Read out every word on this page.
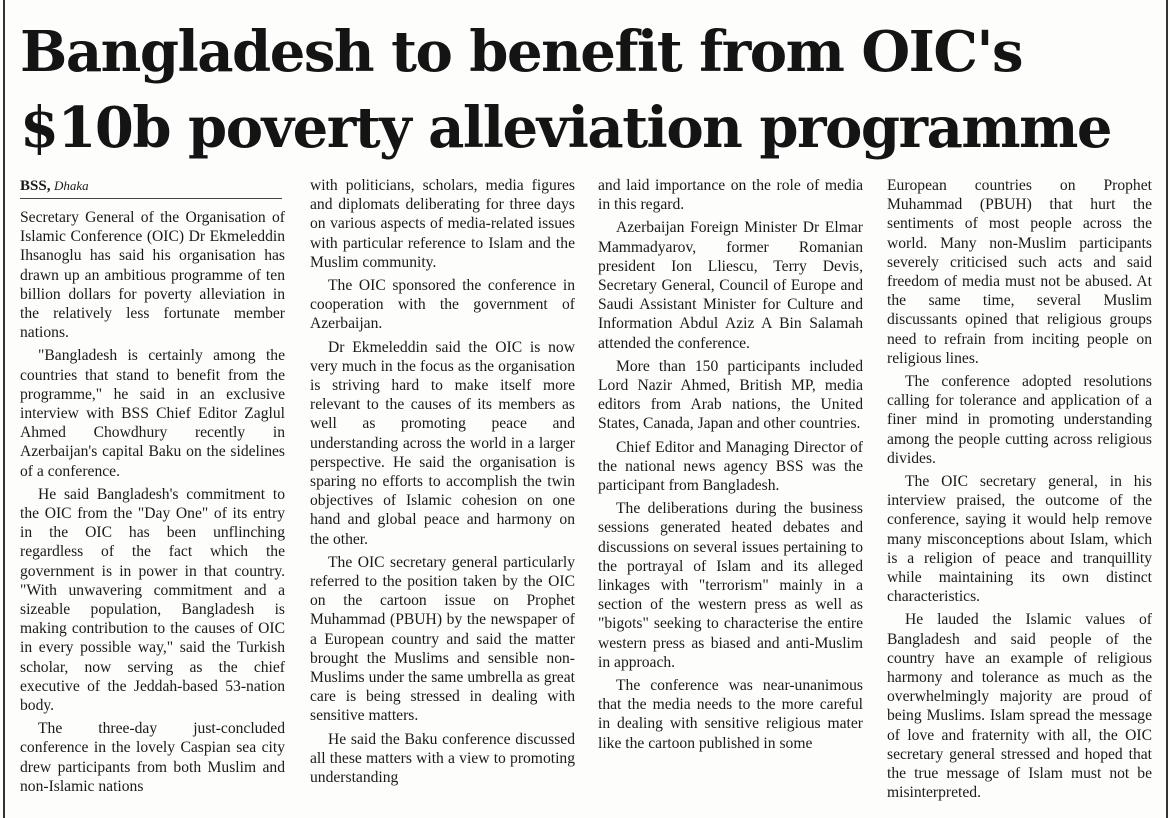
Bangladesh to benefit from OIC's $10b poverty alleviation programme
BSS, Dhaka

Secretary General of the Organisation of Islamic Conference (OIC) Dr Ekmeleddin Ihsanoglu has said his organisation has drawn up an ambitious programme of ten billion dollars for poverty alleviation in the relatively less fortunate member nations.

"Bangladesh is certainly among the countries that stand to benefit from the programme," he said in an exclusive interview with BSS Chief Editor Zaglul Ahmed Chowdhury recently in Azerbaijan's capital Baku on the sidelines of a conference.

He said Bangladesh's commitment to the OIC from the "Day One" of its entry in the OIC has been unflinching regardless of the fact which the government is in power in that country. "With unwavering commitment and a sizeable population, Bangladesh is making contribution to the causes of OIC in every possible way," said the Turkish scholar, now serving as the chief executive of the Jeddah-based 53-nation body.

The three-day just-concluded conference in the lovely Caspian sea city drew participants from both Muslim and non-Islamic nations

with politicians, scholars, media figures and diplomats deliberating for three days on various aspects of media-related issues with particular reference to Islam and the Muslim community.

The OIC sponsored the conference in cooperation with the government of Azerbaijan.

Dr Ekmeleddin said the OIC is now very much in the focus as the organisation is striving hard to make itself more relevant to the causes of its members as well as promoting peace and understanding across the world in a larger perspective. He said the organisation is sparing no efforts to accomplish the twin objectives of Islamic cohesion on one hand and global peace and harmony on the other.

The OIC secretary general particularly referred to the position taken by the OIC on the cartoon issue on Prophet Muhammad (PBUH) by the newspaper of a European country and said the matter brought the Muslims and sensible non-Muslims under the same umbrella as great care is being stressed in dealing with sensitive matters.

He said the Baku conference discussed all these matters with a view to promoting understanding

and laid importance on the role of media in this regard.

Azerbaijan Foreign Minister Dr Elmar Mammadyarov, former Romanian president Ion Lliescu, Terry Devis, Secretary General, Council of Europe and Saudi Assistant Minister for Culture and Information Abdul Aziz A Bin Salamah attended the conference.

More than 150 participants included Lord Nazir Ahmed, British MP, media editors from Arab nations, the United States, Canada, Japan and other countries.

Chief Editor and Managing Director of the national news agency BSS was the participant from Bangladesh.

The deliberations during the business sessions generated heated debates and discussions on several issues pertaining to the portrayal of Islam and its alleged linkages with "terrorism" mainly in a section of the western press as well as "bigots" seeking to characterise the entire western press as biased and anti-Muslim in approach.

The conference was near-unanimous that the media needs to the more careful in dealing with sensitive religious mater like the cartoon published in some

European countries on Prophet Muhammad (PBUH) that hurt the sentiments of most people across the world. Many non-Muslim participants severely criticised such acts and said freedom of media must not be abused. At the same time, several Muslim discussants opined that religious groups need to refrain from inciting people on religious lines.

The conference adopted resolutions calling for tolerance and application of a finer mind in promoting understanding among the people cutting across religious divides.

The OIC secretary general, in his interview praised, the outcome of the conference, saying it would help remove many misconceptions about Islam, which is a religion of peace and tranquillity while maintaining its own distinct characteristics.

He lauded the Islamic values of Bangladesh and said people of the country have an example of religious harmony and tolerance as much as the overwhelmingly majority are proud of being Muslims. Islam spread the message of love and fraternity with all, the OIC secretary general stressed and hoped that the true message of Islam must not be misinterpreted.
